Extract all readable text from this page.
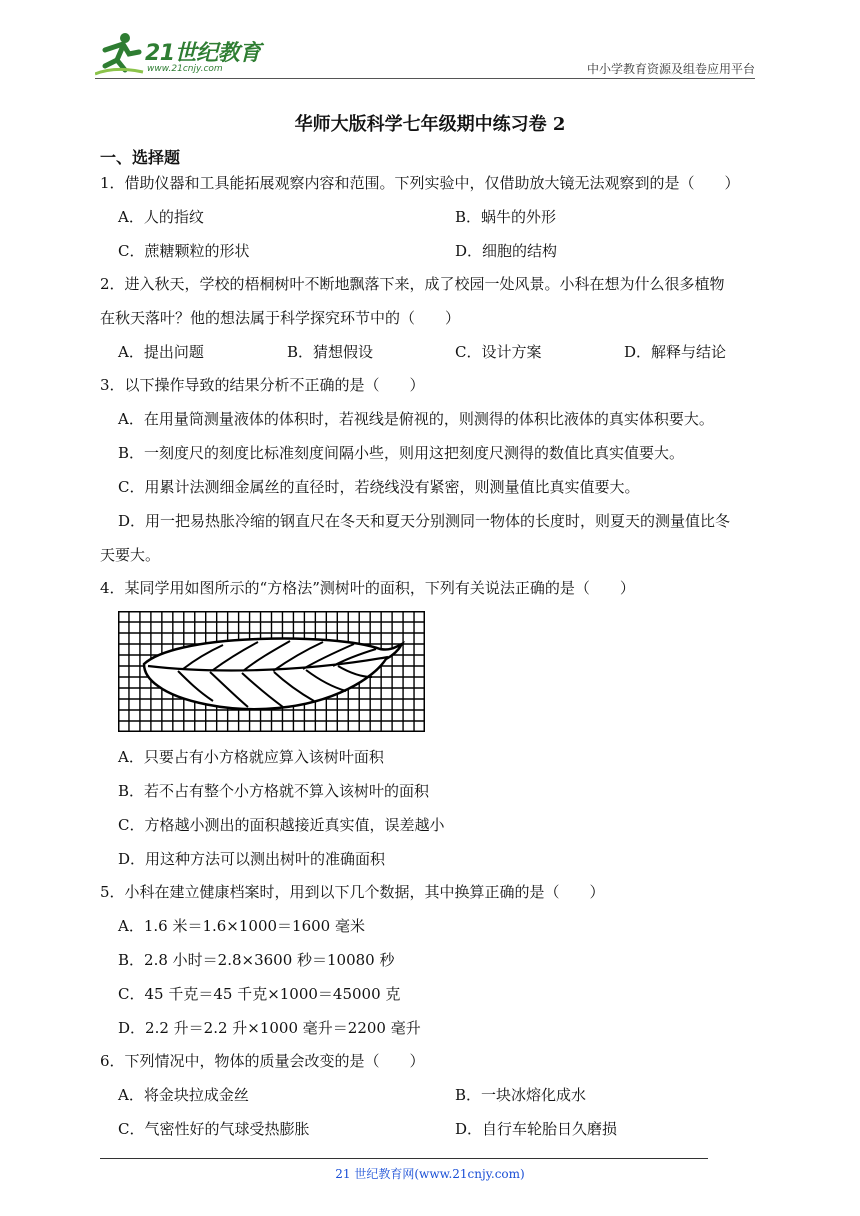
21世纪教育
www.21cnjy.com	中小学教育资源及组卷应用平台
华师大版科学七年级期中练习卷 2
一、选择题
1．借助仪器和工具能拓展观察内容和范围。下列实验中，仅借助放大镜无法观察到的是（　　）
A．人的指纹	B．蜗牛的外形
C．蔗糖颗粒的形状	D．细胞的结构
2．进入秋天，学校的梧桐树叶不断地飘落下来，成了校园一处风景。小科在想为什么很多植物
在秋天落叶？他的想法属于科学探究环节中的（　　）
A．提出问题	B．猜想假设	C．设计方案	D．解释与结论
3．以下操作导致的结果分析不正确的是（　　）
A．在用量筒测量液体的体积时，若视线是俯视的，则测得的体积比液体的真实体积要大。
B．一刻度尺的刻度比标准刻度间隔小些，则用这把刻度尺测得的数值比真实值要大。
C．用累计法测细金属丝的直径时，若绕线没有紧密，则测量值比真实值要大。
D．用一把易热胀冷缩的钢直尺在冬天和夏天分别测同一物体的长度时，则夏天的测量值比冬
天要大。
4．某同学用如图所示的“方格法”测树叶的面积，下列有关说法正确的是（　　）
A．只要占有小方格就应算入该树叶面积
B．若不占有整个小方格就不算入该树叶的面积
C．方格越小测出的面积越接近真实值，误差越小
D．用这种方法可以测出树叶的准确面积
5．小科在建立健康档案时，用到以下几个数据，其中换算正确的是（　　）
A．1.6 米＝1.6×1000＝1600 毫米
B．2.8 小时＝2.8×3600 秒＝10080 秒
C．45 千克＝45 千克×1000＝45000 克
D．2.2 升＝2.2 升×1000 毫升＝2200 毫升
6．下列情况中，物体的质量会改变的是（　　）
A．将金块拉成金丝	B．一块冰熔化成水
C．气密性好的气球受热膨胀	D．自行车轮胎日久磨损
21 世纪教育网(www.21cnjy.com)
